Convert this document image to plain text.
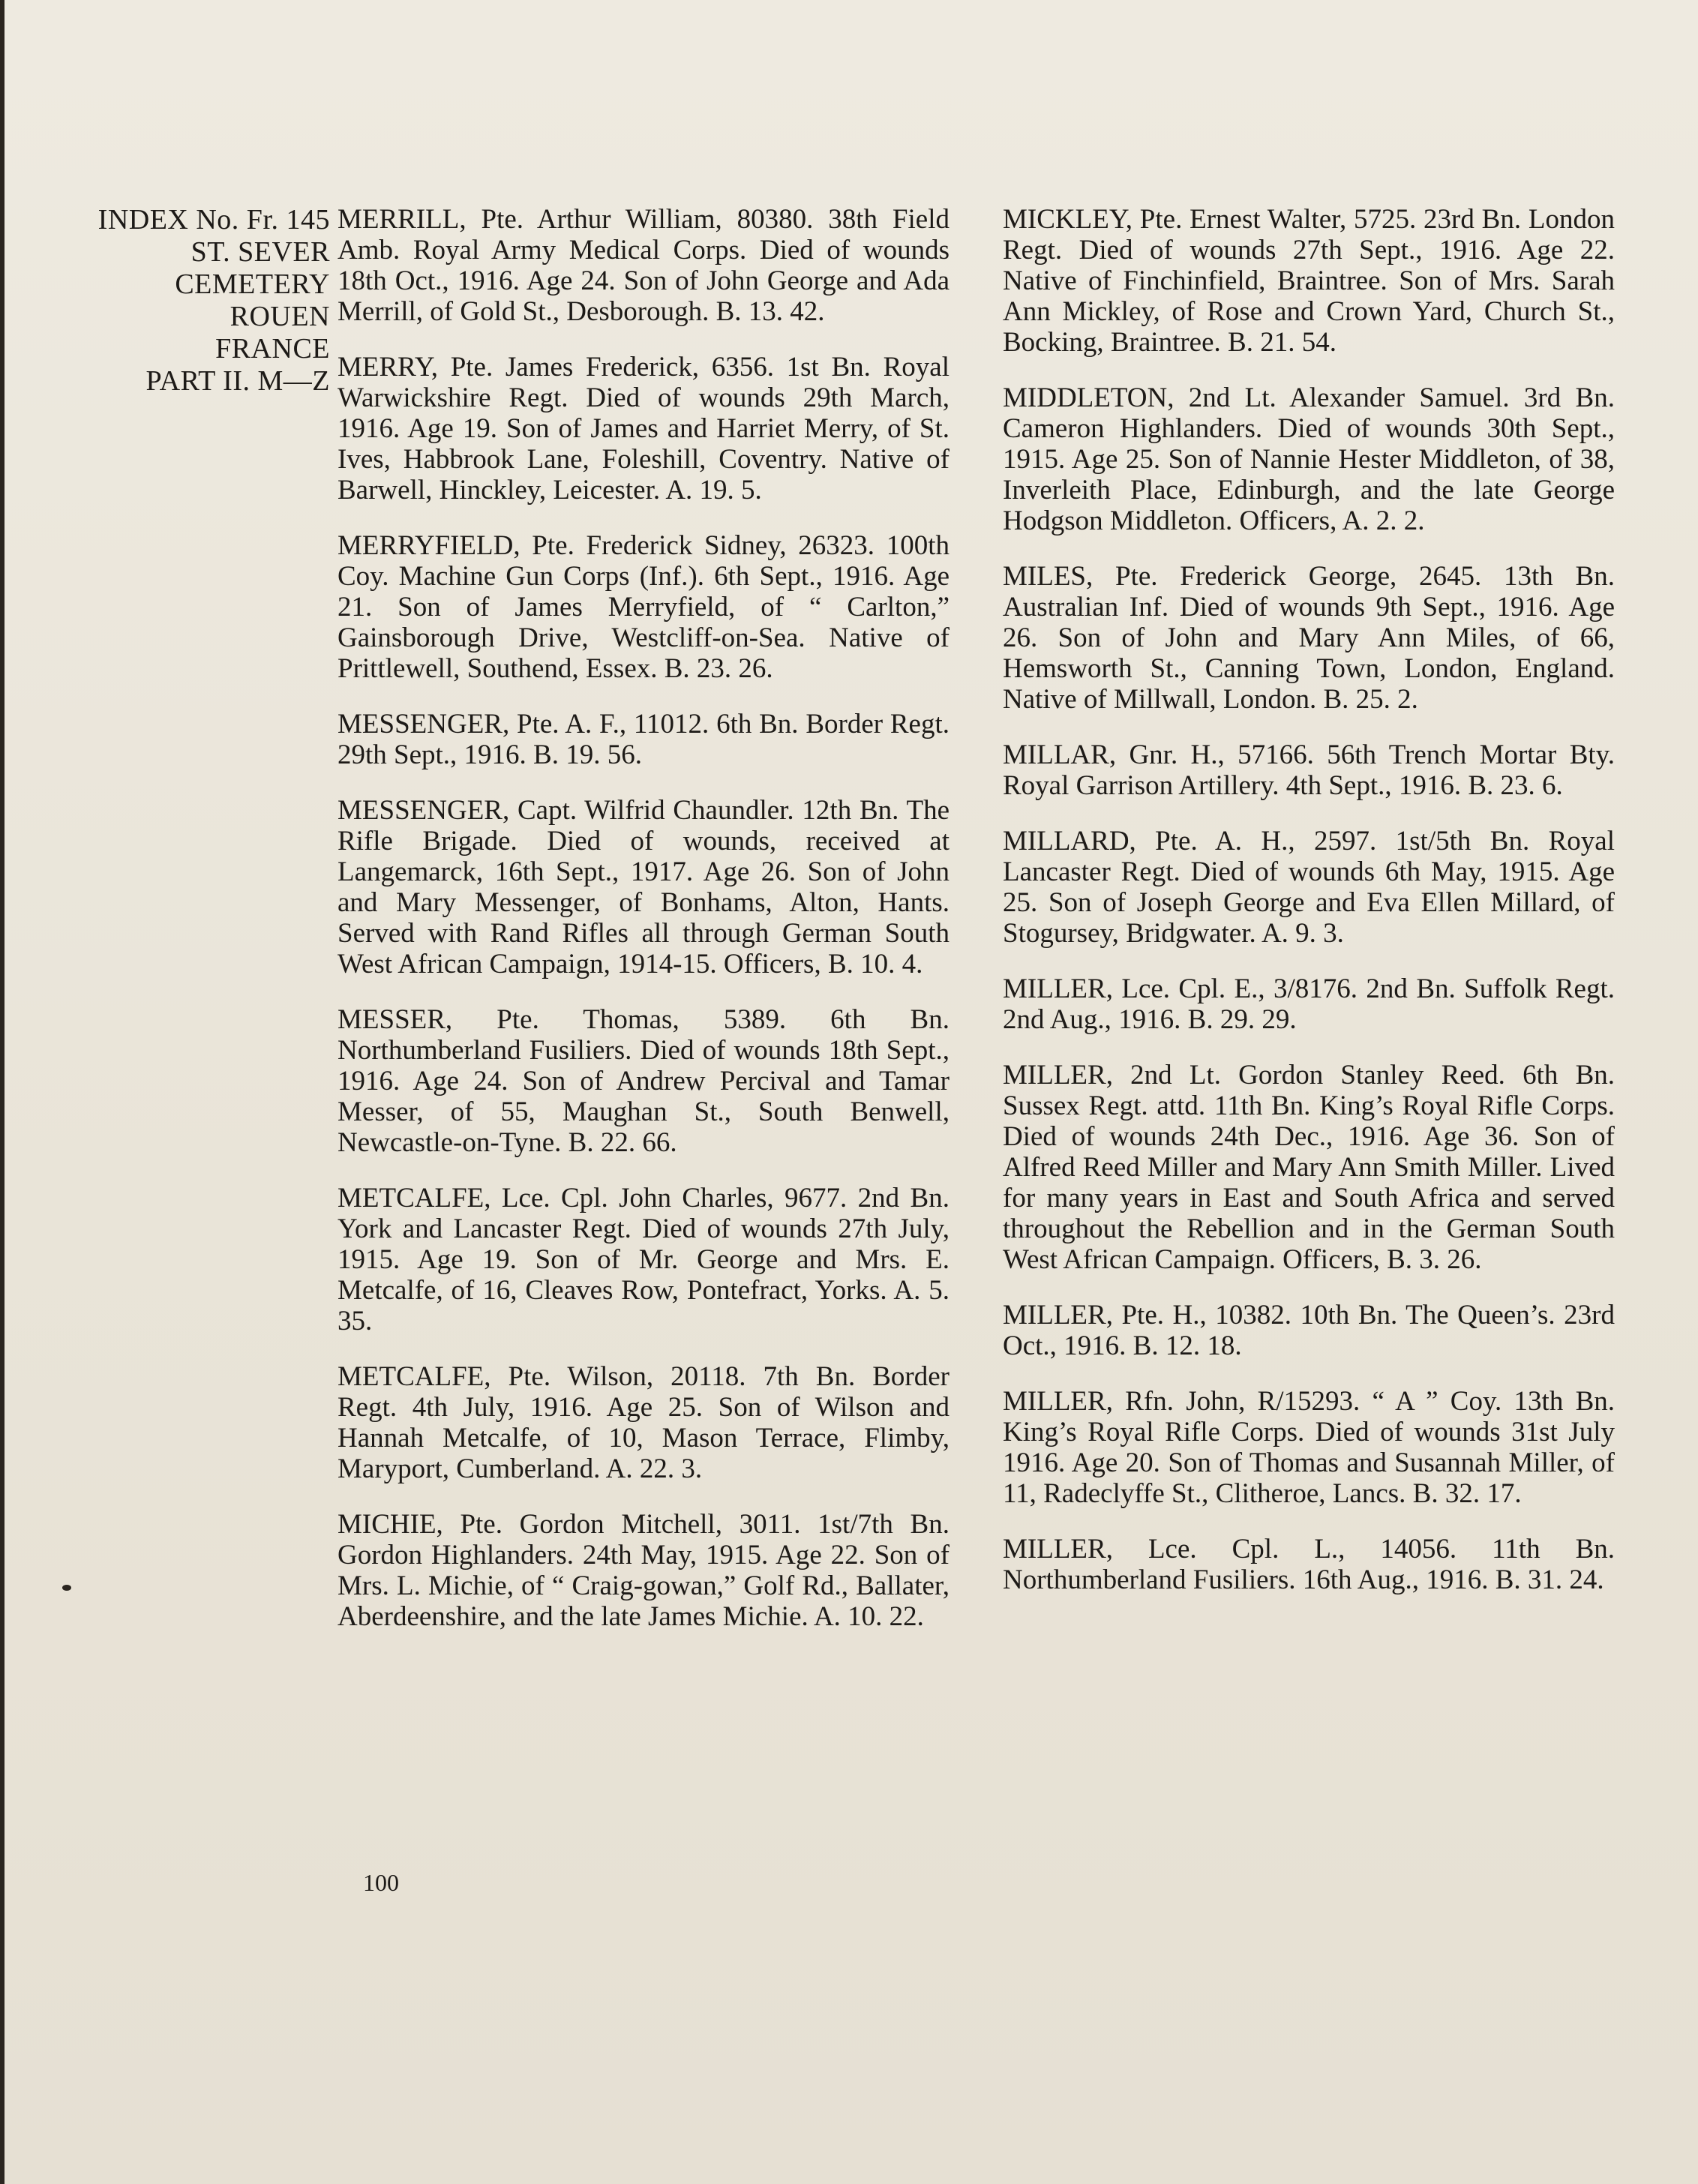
INDEX No. Fr. 145
ST. SEVER
CEMETERY
ROUEN
FRANCE
PART II. M—Z

MERRILL, Pte. Arthur William, 80380. 38th Field Amb. Royal Army Medical Corps. Died of wounds 18th Oct., 1916. Age 24. Son of John George and Ada Merrill, of Gold St., Desborough. B. 13. 42.

MERRY, Pte. James Frederick, 6356. 1st Bn. Royal Warwickshire Regt. Died of wounds 29th March, 1916. Age 19. Son of James and Harriet Merry, of St. Ives, Habbrook Lane, Foleshill, Coventry. Native of Barwell, Hinckley, Leicester. A. 19. 5.

MERRYFIELD, Pte. Frederick Sidney, 26323. 100th Coy. Machine Gun Corps (Inf.). 6th Sept., 1916. Age 21. Son of James Merryfield, of “ Carlton,” Gainsborough Drive, Westcliff-on-Sea. Native of Prittlewell, Southend, Essex. B. 23. 26.

MESSENGER, Pte. A. F., 11012. 6th Bn. Border Regt. 29th Sept., 1916. B. 19. 56.

MESSENGER, Capt. Wilfrid Chaundler. 12th Bn. The Rifle Brigade. Died of wounds, received at Langemarck, 16th Sept., 1917. Age 26. Son of John and Mary Messenger, of Bonhams, Alton, Hants. Served with Rand Rifles all through German South West African Campaign, 1914-15. Officers, B. 10. 4.

MESSER, Pte. Thomas, 5389. 6th Bn. Northumberland Fusiliers. Died of wounds 18th Sept., 1916. Age 24. Son of Andrew Percival and Tamar Messer, of 55, Maughan St., South Benwell, Newcastle-on-Tyne. B. 22. 66.

METCALFE, Lce. Cpl. John Charles, 9677. 2nd Bn. York and Lancaster Regt. Died of wounds 27th July, 1915. Age 19. Son of Mr. George and Mrs. E. Metcalfe, of 16, Cleaves Row, Pontefract, Yorks. A. 5. 35.

METCALFE, Pte. Wilson, 20118. 7th Bn. Border Regt. 4th July, 1916. Age 25. Son of Wilson and Hannah Metcalfe, of 10, Mason Terrace, Flimby, Maryport, Cumberland. A. 22. 3.

MICHIE, Pte. Gordon Mitchell, 3011. 1st/7th Bn. Gordon Highlanders. 24th May, 1915. Age 22. Son of Mrs. L. Michie, of “ Craig-gowan,” Golf Rd., Ballater, Aberdeenshire, and the late James Michie. A. 10. 22.

MICKLEY, Pte. Ernest Walter, 5725. 23rd Bn. London Regt. Died of wounds 27th Sept., 1916. Age 22. Native of Finchinfield, Braintree. Son of Mrs. Sarah Ann Mickley, of Rose and Crown Yard, Church St., Bocking, Braintree. B. 21. 54.

MIDDLETON, 2nd Lt. Alexander Samuel. 3rd Bn. Cameron Highlanders. Died of wounds 30th Sept., 1915. Age 25. Son of Nannie Hester Middleton, of 38, Inverleith Place, Edinburgh, and the late George Hodgson Middleton. Officers, A. 2. 2.

MILES, Pte. Frederick George, 2645. 13th Bn. Australian Inf. Died of wounds 9th Sept., 1916. Age 26. Son of John and Mary Ann Miles, of 66, Hemsworth St., Canning Town, London, England. Native of Millwall, London. B. 25. 2.

MILLAR, Gnr. H., 57166. 56th Trench Mortar Bty. Royal Garrison Artillery. 4th Sept., 1916. B. 23. 6.

MILLARD, Pte. A. H., 2597. 1st/5th Bn. Royal Lancaster Regt. Died of wounds 6th May, 1915. Age 25. Son of Joseph George and Eva Ellen Millard, of Stogursey, Bridgwater. A. 9. 3.

MILLER, Lce. Cpl. E., 3/8176. 2nd Bn. Suffolk Regt. 2nd Aug., 1916. B. 29. 29.

MILLER, 2nd Lt. Gordon Stanley Reed. 6th Bn. Sussex Regt. attd. 11th Bn. King’s Royal Rifle Corps. Died of wounds 24th Dec., 1916. Age 36. Son of Alfred Reed Miller and Mary Ann Smith Miller. Lived for many years in East and South Africa and served throughout the Rebellion and in the German South West African Campaign. Officers, B. 3. 26.

MILLER, Pte. H., 10382. 10th Bn. The Queen’s. 23rd Oct., 1916. B. 12. 18.

MILLER, Rfn. John, R/15293. “ A ” Coy. 13th Bn. King’s Royal Rifle Corps. Died of wounds 31st July 1916. Age 20. Son of Thomas and Susannah Miller, of 11, Radeclyffe St., Clitheroe, Lancs. B. 32. 17.

MILLER, Lce. Cpl. L., 14056. 11th Bn. Northumberland Fusiliers. 16th Aug., 1916. B. 31. 24.

100
